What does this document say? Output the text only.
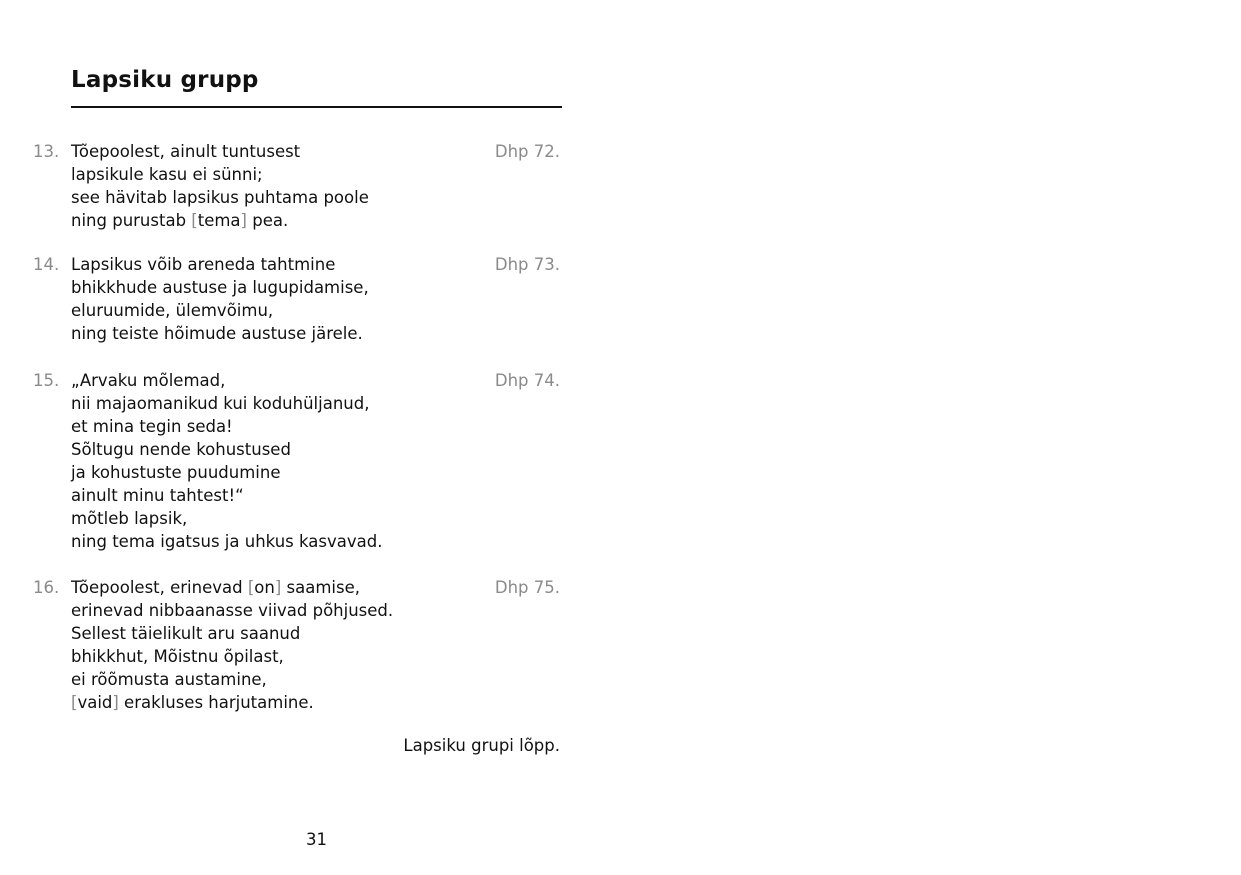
Lapsiku grupp
13. Tõepoolest, ainult tuntusest
lapsikule kasu ei sünni;
see hävitab lapsikus puhtama poole
ning purustab [tema] pea.
Dhp 72.
14. Lapsikus võib areneda tahtmine
bhikkhude austuse ja lugupidamise,
eluruumide, ülemvõimu,
ning teiste hõimude austuse järele.
Dhp 73.
15. „Arvaku mõlemad,
nii majaomanikud kui koduhüljanud,
et mina tegin seda!
Sõltugu nende kohustused
ja kohustuste puudumine
ainult minu tahtest!“
mõtleb lapsik,
ning tema igatsus ja uhkus kasvavad.
Dhp 74.
16. Tõepoolest, erinevad [on] saamise,
erinevad nibbaanasse viivad põhjused.
Sellest täielikult aru saanud
bhikkhut, Mõistnu õpilast,
ei rõõmusta austamine,
[vaid] erakluses harjutamine.
Dhp 75.
Lapsiku grupi lõpp.
31
